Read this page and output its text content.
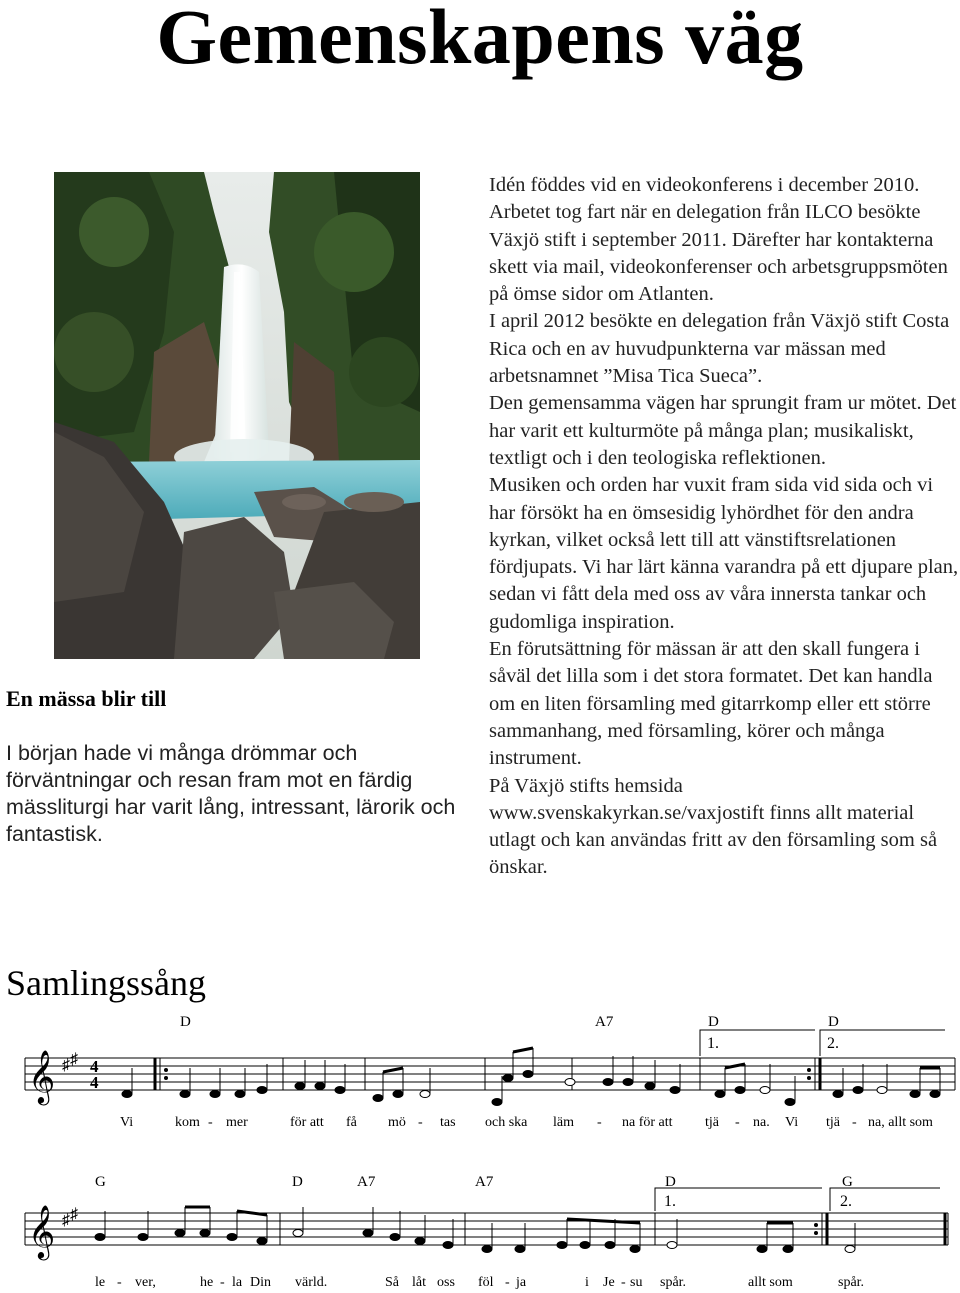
Gemenskapens väg
En mässa blir till

I början hade vi många drömmar och förväntningar och resan fram mot en färdig mässliturgi har varit lång, intressant, lärorik och fantastisk.

Idén föddes vid en videokonferens i december 2010. Arbetet tog fart när en delegation från ILCO besökte Växjö stift i september 2011. Därefter har kontakterna skett via mail, videokonferenser och arbetsgruppsmöten på ömse sidor om Atlanten.

I april 2012 besökte en delegation från Växjö stift Costa Rica och en av huvudpunkterna var mässan med arbetsnamnet ”Misa Tica Sueca”.

Den gemensamma vägen har sprungit fram ur mötet. Det har varit ett kulturmöte på många plan; musikaliskt, textligt och i den teologiska reflektionen.

Musiken och orden har vuxit fram sida vid sida och vi har försökt ha en ömsesidig lyhördhet för den andra kyrkan, vilket också lett till att vänstiftsrelationen fördjupats. Vi har lärt känna varandra på ett djupare plan, sedan vi fått dela med oss av våra innersta tankar och gudomliga inspiration.

En förutsättning för mässan är att den skall fungera i såväl det lilla som i det stora formatet. Det kan handla om en liten församling med gitarrkomp eller ett större sammanhang, med församling, körer och många instrument.

På Växjö stifts hemsida www.svenskakyrkan.se/vaxjostift finns allt material utlagt och kan användas fritt av den församling som så önskar.

Samlingssång
𝄞 ♯ ♯ 4
4
1.	2.
D	A7	D	D
Vi	kom - mer	för att få mö - tas och ska läm - na för att tjä - na. Vi tjä - na, allt som
𝄞 ♯ ♯
1.	2.
G	D	A7	A7	D	G
le - ver,	he - la Din värld.	Så låt oss föl - ja	i Je - su spår.	allt som	spår.
